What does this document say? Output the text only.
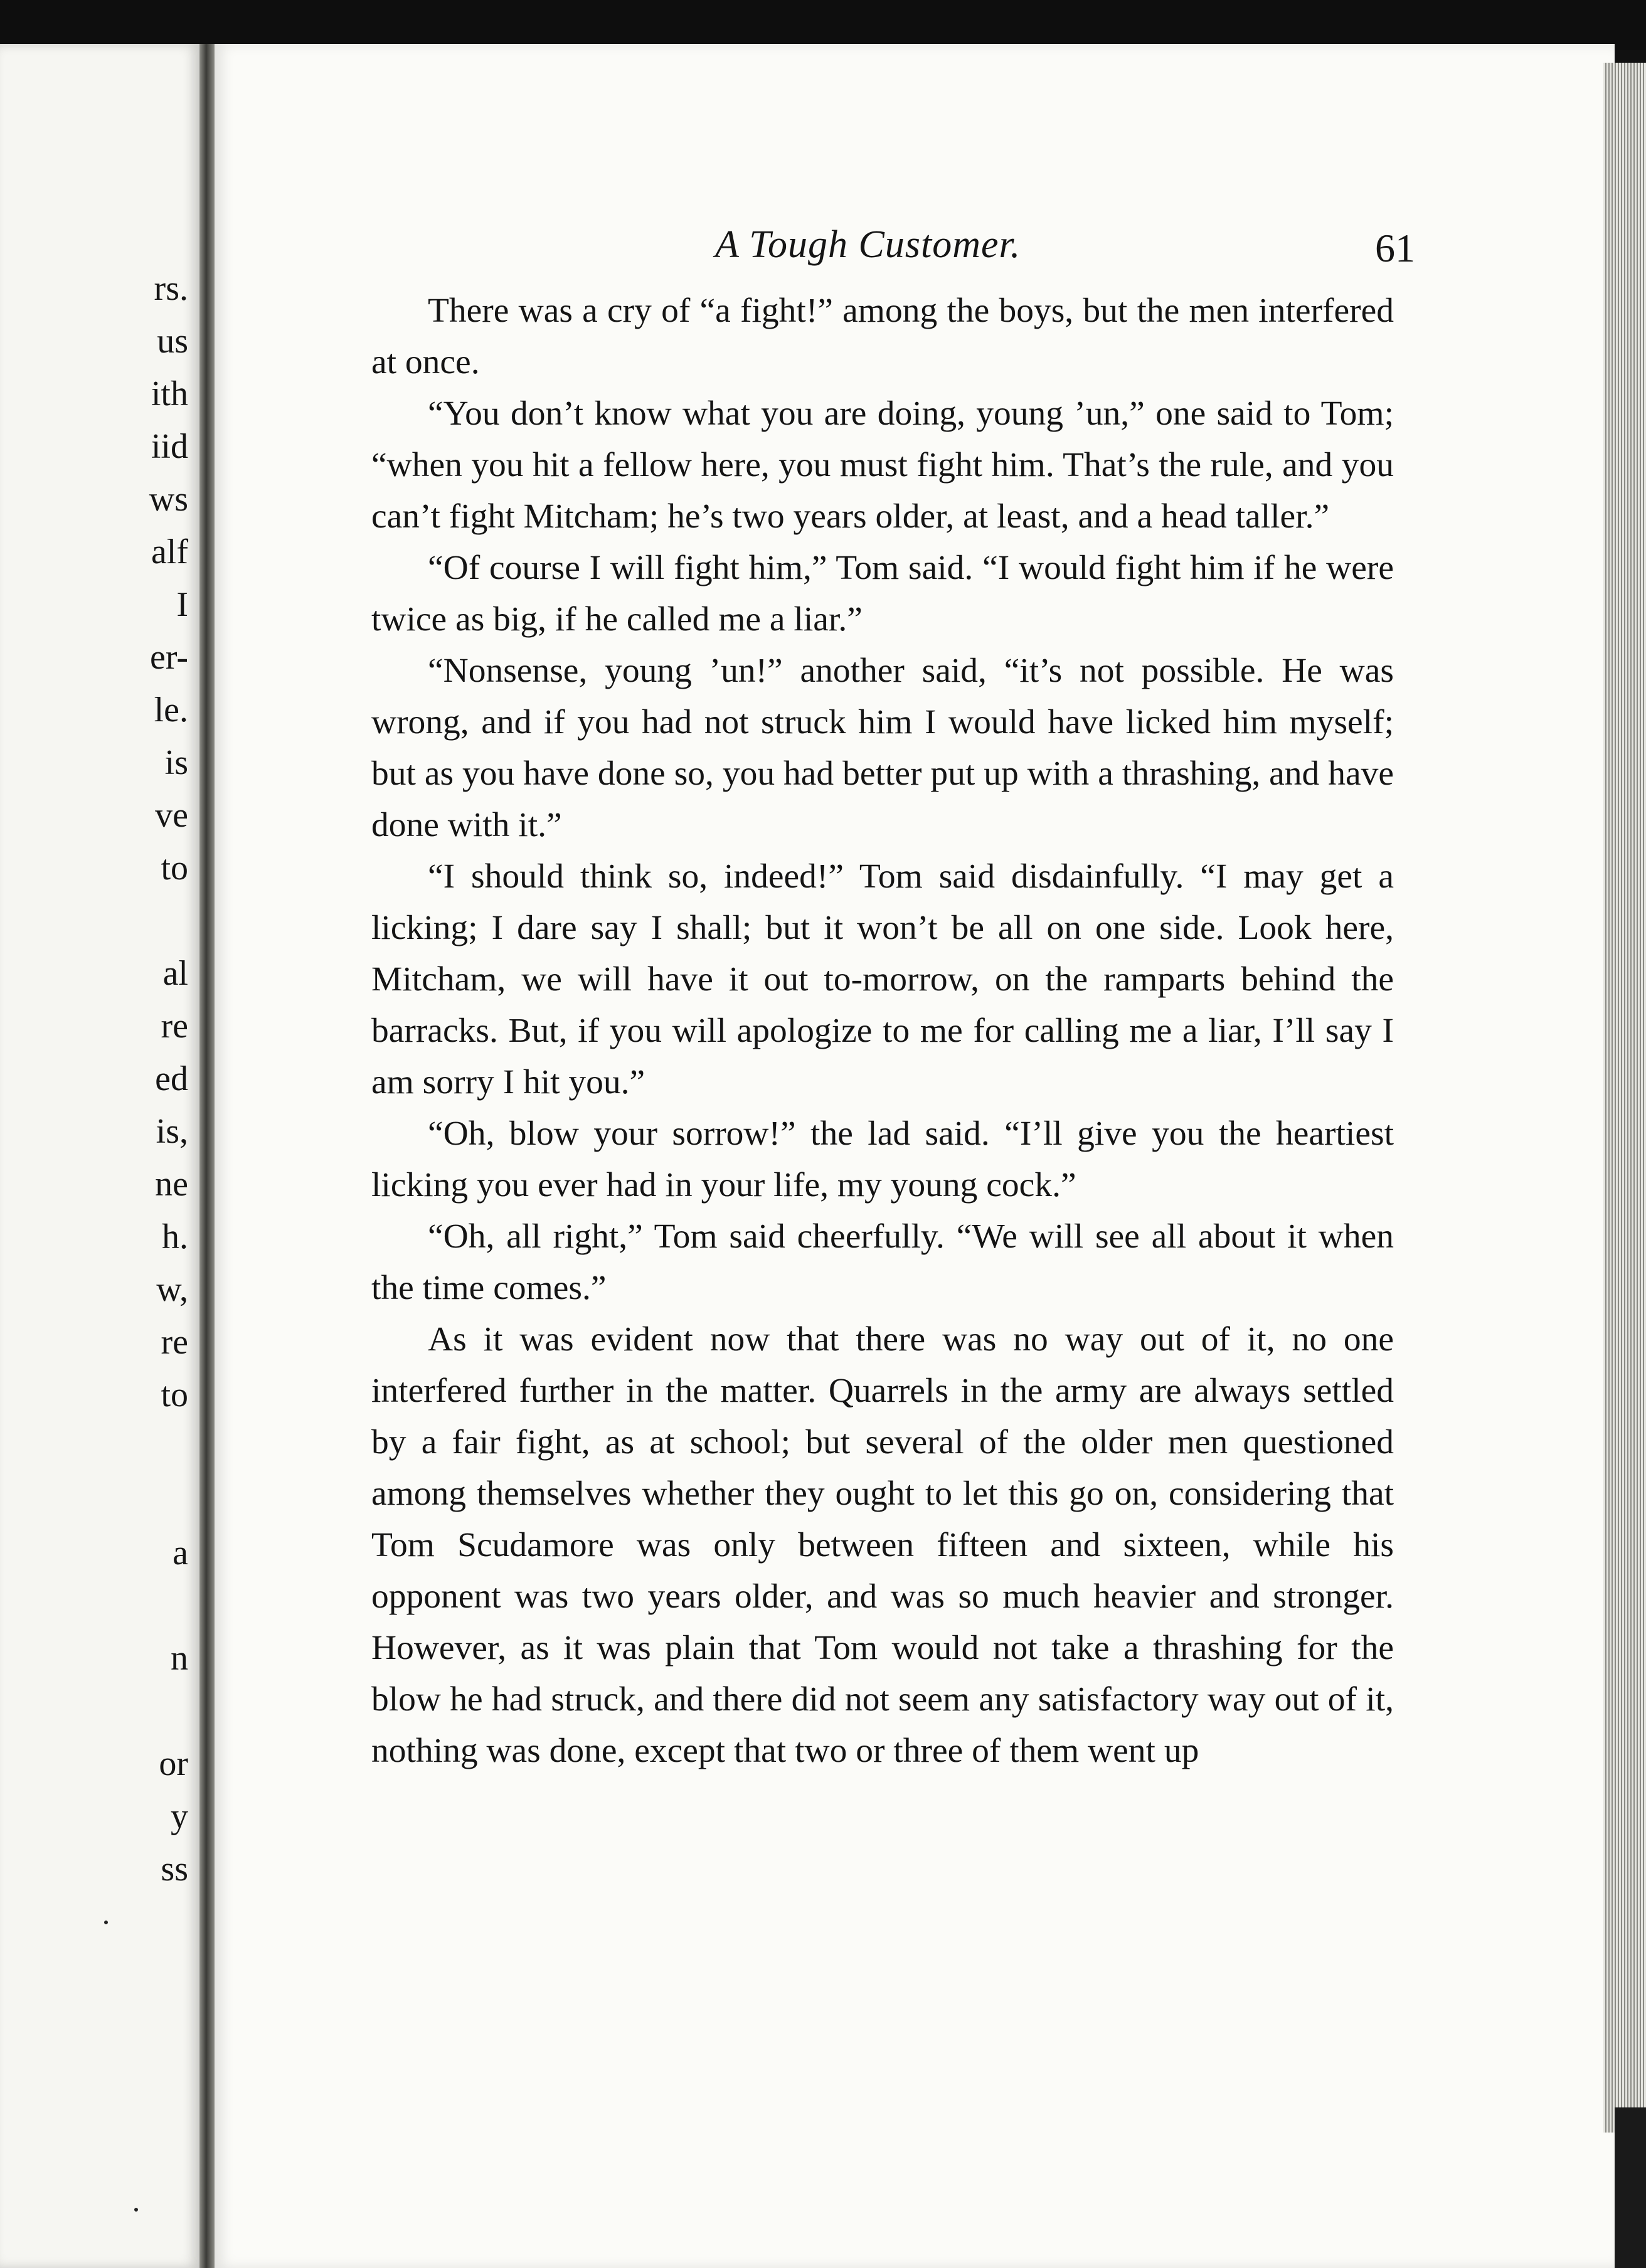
rs.
us
ith
iid
ws
alf
I
er-
le.
is
ve
to
al
re
ed
is,
ne
h.
w,
re
to
a
n
or
y
ss
A Tough Customer.	61

There was a cry of “a fight!” among the boys, but the men interfered at once.

“You don’t know what you are doing, young ’un,” one said to Tom; “when you hit a fellow here, you must fight him. That’s the rule, and you can’t fight Mitcham; he’s two years older, at least, and a head taller.”

“Of course I will fight him,” Tom said. “I would fight him if he were twice as big, if he called me a liar.”

“Nonsense, young ’un!” another said, “it’s not possible. He was wrong, and if you had not struck him I would have licked him myself; but as you have done so, you had better put up with a thrashing, and have done with it.”

“I should think so, indeed!” Tom said disdainfully. “I may get a licking; I dare say I shall; but it won’t be all on one side. Look here, Mitcham, we will have it out to-morrow, on the ramparts behind the barracks. But, if you will apologize to me for calling me a liar, I’ll say I am sorry I hit you.”

“Oh, blow your sorrow!” the lad said. “I’ll give you the heartiest licking you ever had in your life, my young cock.”

“Oh, all right,” Tom said cheerfully. “We will see all about it when the time comes.”

As it was evident now that there was no way out of it, no one interfered further in the matter. Quarrels in the army are always settled by a fair fight, as at school; but several of the older men questioned among themselves whether they ought to let this go on, considering that Tom Scudamore was only between fifteen and sixteen, while his opponent was two years older, and was so much heavier and stronger. However, as it was plain that Tom would not take a thrashing for the blow he had struck, and there did not seem any satisfactory way out of it, nothing was done, except that two or three of them went up
